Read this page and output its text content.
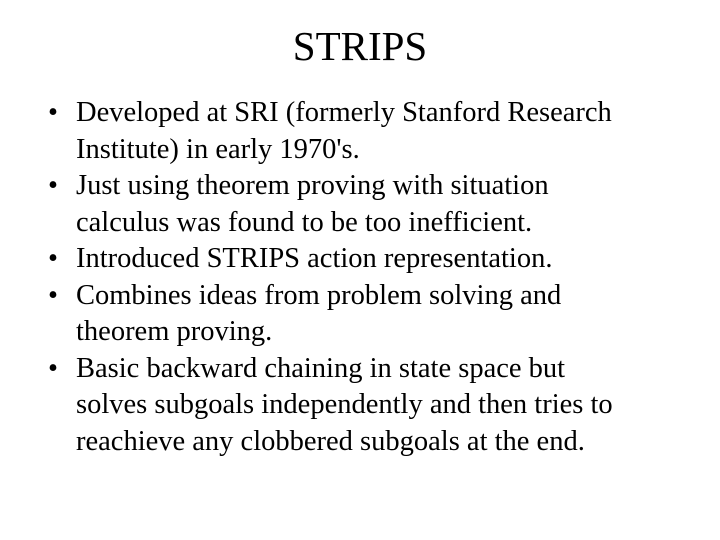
STRIPS
• Developed at SRI (formerly Stanford Research
Institute) in early 1970's.
• Just using theorem proving with situation
calculus was found to be too inefficient.
• Introduced STRIPS action representation.
• Combines ideas from problem solving and
theorem proving.
• Basic backward chaining in state space but
solves subgoals independently and then tries to
reachieve any clobbered subgoals at the end.
